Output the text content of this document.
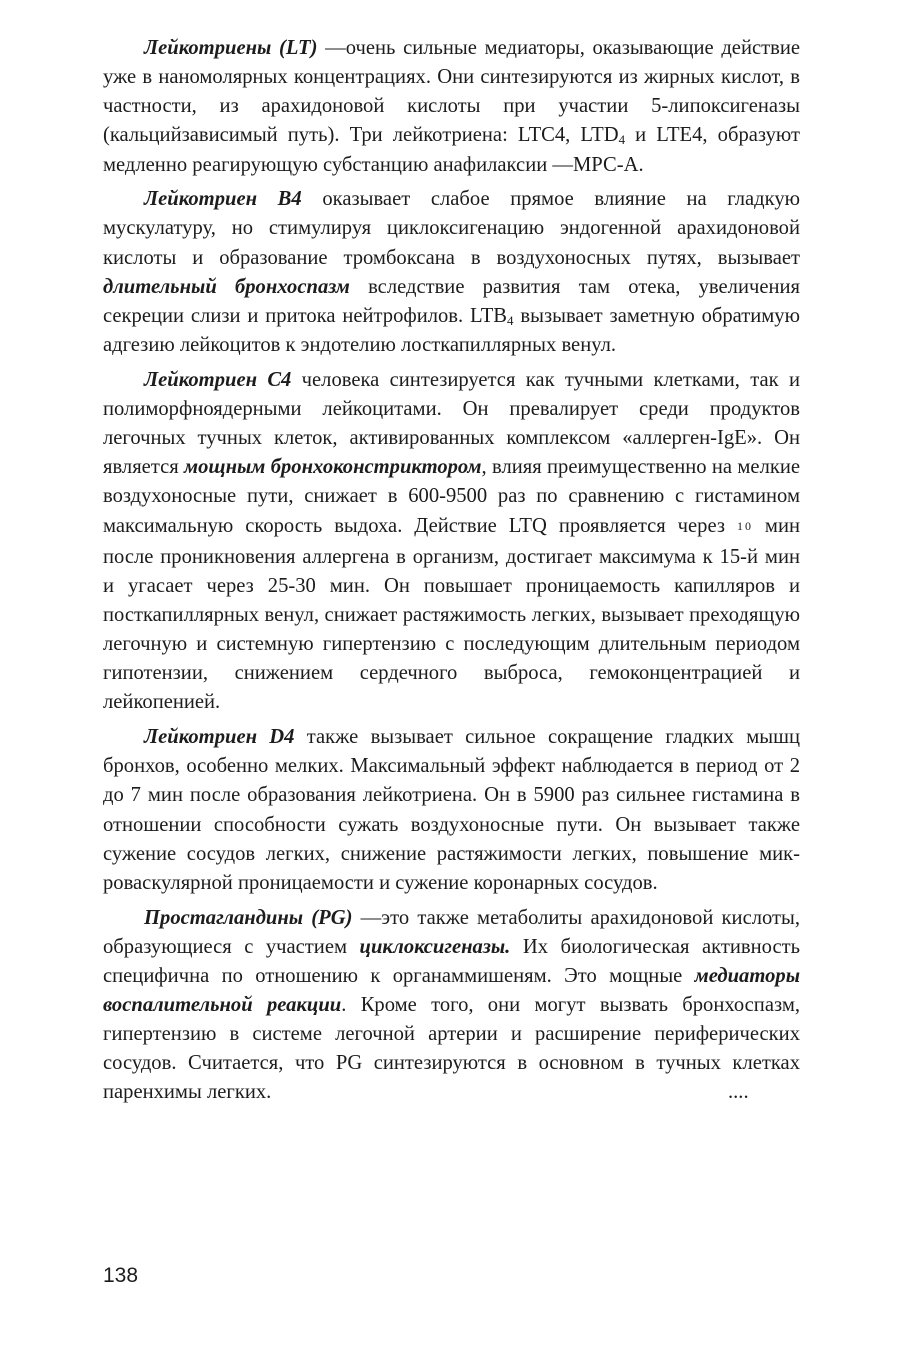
Лейкотриены (LT) —очень сильные медиаторы, оказывающие действие уже в наномолярных концентрациях. Они синтезируются из жирных кислот, в частности, из арахидоновой кислоты при участии 5-липоксигеназы (кальцийзависимый путь). Три лейкотриена: LTC4, $LTD_4$ и LTE4, образуют медленно реагирующую субстанцию анафилаксии —МРС-А.

Лейкотриен В4 оказывает слабое прямое влияние на гладкую мускулатуру, но стимулируя циклоксигенацию эндогенной арахидоновой кислоты и образование тромбоксана в воздухоносных путях, вызывает длительный бронхоспазм вследствие развития там отека, увеличения секреции слизи и притока нейтрофилов. $LTB_4$ вызывает заметную обратимую адгезию лейкоцитов к эндотелию лосткапиллярных венул.

Лейкотриен С4 человека синтезируется как тучными клетками, так и полиморфноядерными лейкоцитами. Он превалирует среди продуктов легочных тучных клеток, активированных комплексом «аллерген-IgE». Он является мощным бронхоконстриктором, влияя преимущественно на мелкие воздухоносные пути, снижает в 600-9500 раз по сравнению с гистамином максимальную скорость выдоха. Действие LTQ проявляется через 10 мин после проникновения аллергена в организм, достигает максимума к 15-й мин и угасает через 25-30 мин. Он повышает проницаемость капилляров и посткапиллярных венул, снижает растяжимость легких, вызывает преходящую легочную и системную гипертензию с последующим длительным периодом гипотензии, снижением сердечного выброса, гемоконцентрацией и лейкопенией.

Лейкотриен D4 также вызывает сильное сокращение гладких мышц бронхов, особенно мелких. Максимальный эффект наблюдается в период от 2 до 7 мин после образования лейкотриена. Он в 5900 раз сильнее гистамина в отношении способности сужать воздухоносные пути. Он вызывает также сужение сосудов легких, снижение растяжимости легких, повышение микроваскулярной проницаемости и сужение коронарных сосудов.

Простагландины (PG) —это также метаболиты арахидоновой кислоты, образующиеся с участием циклоксигеназы. Их биологическая активность специфична по отношению к органаммишеням. Это мощные медиаторы воспалительной реакции. Кроме того, они могут вызвать бронхоспазм, гипертензию в системе легочной артерии и расширение периферических сосудов. Считается, что PG синтезируются в основном в тучных клетках паренхимы легких.	....

138
